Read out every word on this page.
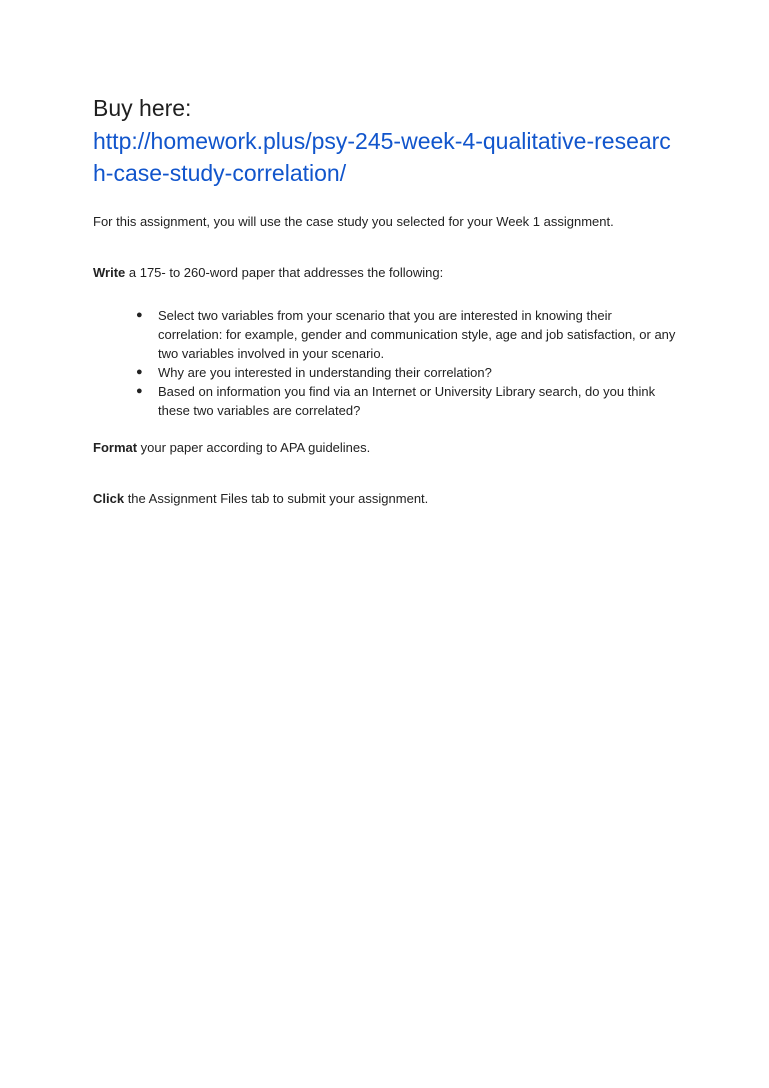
Buy here:

http://homework.plus/psy-245-week-4-qualitative-research-case-study-correlation/

For this assignment, you will use the case study you selected for your Week 1 assignment.

Write a 175- to 260-word paper that addresses the following:

● Select two variables from your scenario that you are interested in knowing their correlation: for example, gender and communication style, age and job satisfaction, or any two variables involved in your scenario.
● Why are you interested in understanding their correlation?
● Based on information you find via an Internet or University Library search, do you think these two variables are correlated?

Format your paper according to APA guidelines.

Click the Assignment Files tab to submit your assignment.
